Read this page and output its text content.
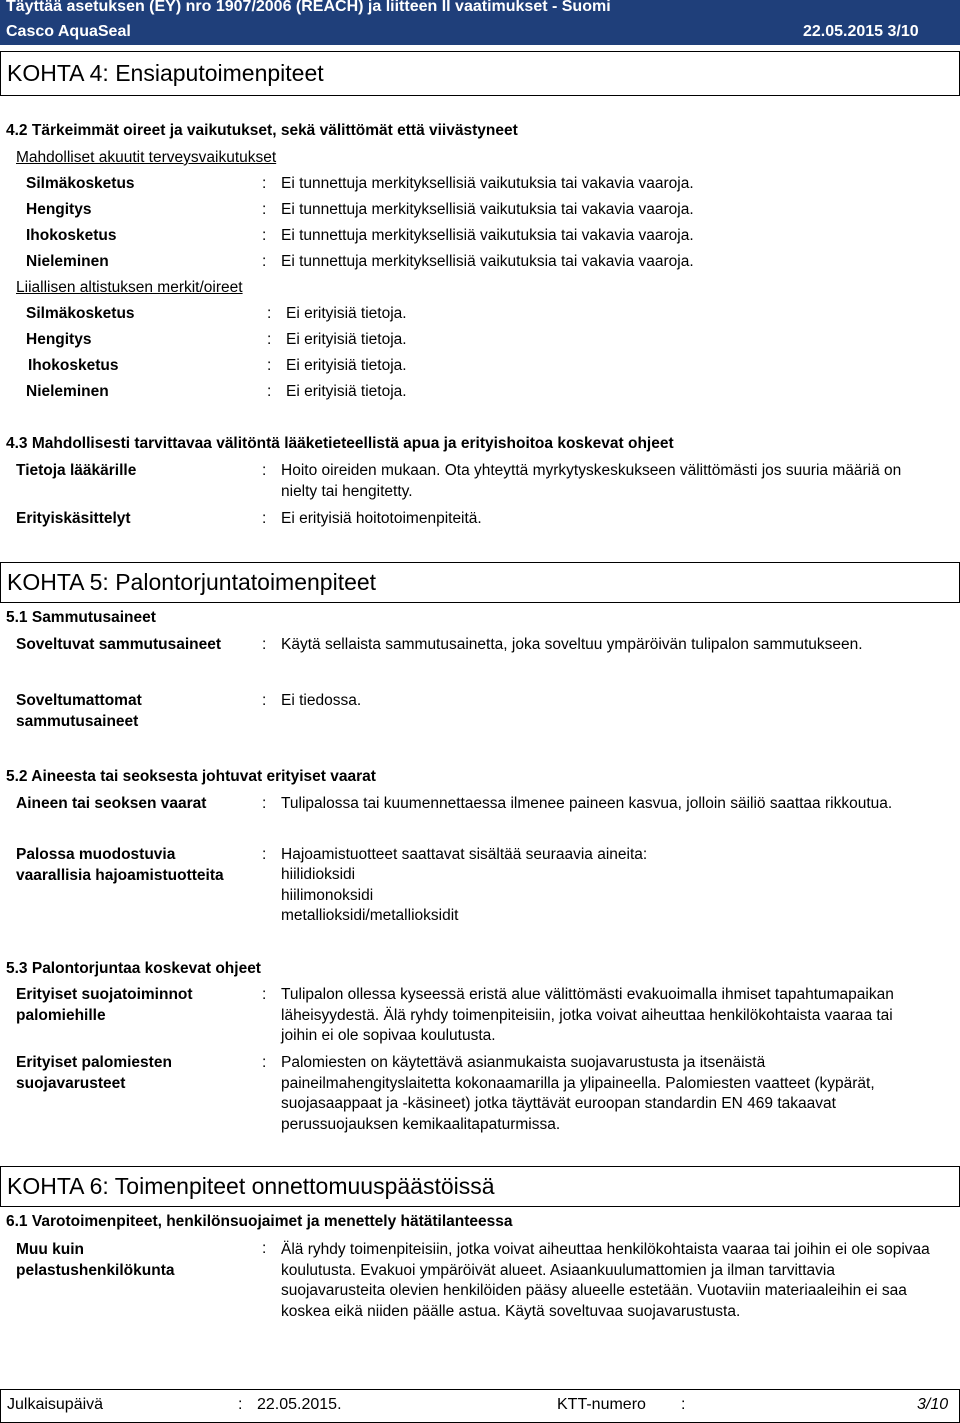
Täyttää asetuksen (EY) nro 1907/2006 (REACH) ja liitteen II vaatimukset - Suomi
Casco AquaSeal	22.05.2015 3/10
KOHTA 4: Ensiaputoimenpiteet
4.2 Tärkeimmät oireet ja vaikutukset, sekä välittömät että viivästyneet
Mahdolliset akuutit terveysvaikutukset
Silmäkosketus	: Ei tunnettuja merkityksellisiä vaikutuksia tai vakavia vaaroja.
Hengitys	: Ei tunnettuja merkityksellisiä vaikutuksia tai vakavia vaaroja.
Ihokosketus	: Ei tunnettuja merkityksellisiä vaikutuksia tai vakavia vaaroja.
Nieleminen	: Ei tunnettuja merkityksellisiä vaikutuksia tai vakavia vaaroja.
Liiallisen altistuksen merkit/oireet
Silmäkosketus	: Ei erityisiä tietoja.
Hengitys	: Ei erityisiä tietoja.
Ihokosketus	: Ei erityisiä tietoja.
Nieleminen	: Ei erityisiä tietoja.
4.3 Mahdollisesti tarvittavaa välitöntä lääketieteellistä apua ja erityishoitoa koskevat ohjeet
Tietoja lääkärille	: Hoito oireiden mukaan. Ota yhteyttä myrkytyskeskukseen välittömästi jos suuria määriä on nielty tai hengitetty.
Erityiskäsittelyt	: Ei erityisiä hoitotoimenpiteitä.
KOHTA 5: Palontorjuntatoimenpiteet
5.1 Sammutusaineet
Soveltuvat sammutusaineet	: Käytä sellaista sammutusainetta, joka soveltuu ympäröivän tulipalon sammutukseen.
Soveltumattomat sammutusaineet
: Ei tiedossa.
5.2 Aineesta tai seoksesta johtuvat erityiset vaarat
Aineen tai seoksen vaarat	: Tulipalossa tai kuumennettaessa ilmenee paineen kasvua, jolloin säiliö saattaa rikkoutua.
Palossa muodostuvia vaarallisia hajoamistuotteita
: Hajoamistuotteet saattavat sisältää seuraavia aineita:
hiilidioksidi
hiilimonoksidi
metallioksidi/metallioksidit
5.3 Palontorjuntaa koskevat ohjeet
Erityiset suojatoiminnot palomiehille
: Tulipalon ollessa kyseessä eristä alue välittömästi evakuoimalla ihmiset tapahtumapaikan läheisyydestä. Älä ryhdy toimenpiteisiin, jotka voivat aiheuttaa henkilökohtaista vaaraa tai joihin ei ole sopivaa koulutusta.
Erityiset palomiesten suojavarusteet
: Palomiesten on käytettävä asianmukaista suojavarustusta ja itsenäistä paineilmahengityslaitetta kokonaamarilla ja ylipaineella. Palomiesten vaatteet (kypärät, suojasaappaat ja -käsineet) jotka täyttävät euroopan standardin EN 469 takaavat perussuojauksen kemikaalitapaturmissa.
KOHTA 6: Toimenpiteet onnettomuuspäästöissä
6.1 Varotoimenpiteet, henkilönsuojaimet ja menettely hätätilanteessa
Muu kuin pelastushenkilökunta
: Älä ryhdy toimenpiteisiin, jotka voivat aiheuttaa henkilökohtaista vaaraa tai joihin ei ole sopivaa koulutusta. Evakuoi ympäröivät alueet. Asiaankuulumattomien ja ilman tarvittavia suojavarusteita olevien henkilöiden pääsy alueelle estetään. Vuotaviin materiaaleihin ei saa koskea eikä niiden päälle astua. Käytä soveltuvaa suojavarustusta.
Julkaisupäivä	: 22.05.2015.	KTT-numero :	3/10
